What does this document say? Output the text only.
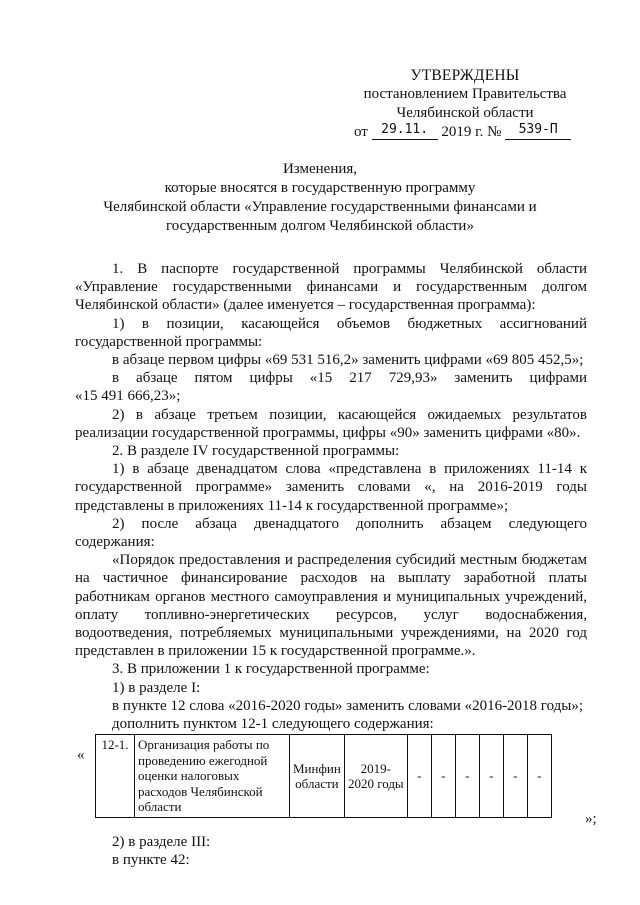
УТВЕРЖДЕНЫ
постановлением Правительства
Челябинской области
от 29.11. 2019 г. № 539-П
Изменения,
которые вносятся в государственную программу
Челябинской области «Управление государственными финансами и
государственным долгом Челябинской области»
1. В паспорте государственной программы Челябинской области «Управление государственными финансами и государственным долгом Челябинской области» (далее именуется – государственная программа):
1) в позиции, касающейся объемов бюджетных ассигнований государственной программы:
в абзаце первом цифры «69 531 516,2» заменить цифрами «69 805 452,5»;
в абзаце пятом цифры «15 217 729,93» заменить цифрами
«15 491 666,23»;
2) в абзаце третьем позиции, касающейся ожидаемых результатов реализации государственной программы, цифры «90» заменить цифрами «80».
2. В разделе IV государственной программы:
1) в абзаце двенадцатом слова «представлена в приложениях 11-14 к государственной программе» заменить словами «, на 2016-2019 годы представлены в приложениях 11-14 к государственной программе»;
2) после абзаца двенадцатого дополнить абзацем следующего содержания:
«Порядок предоставления и распределения субсидий местным бюджетам на частичное финансирование расходов на выплату заработной платы работникам органов местного самоуправления и муниципальных учреждений, оплату топливно-энергетических ресурсов, услуг водоснабжения, водоотведения, потребляемых муниципальными учреждениями, на 2020 год представлен в приложении 15 к государственной программе.».
3. В приложении 1 к государственной программе:
1) в разделе I:
в пункте 12 слова «2016-2020 годы» заменить словами «2016-2018 годы»;
дополнить пунктом 12-1 следующего содержания:
«
12-1.	Организация работы по проведению ежегодной оценки налоговых расходов Челябинской области	Минфин области	2019-2020 годы	-	-	-	-	-	-
»;
2) в разделе III:
в пункте 42:
